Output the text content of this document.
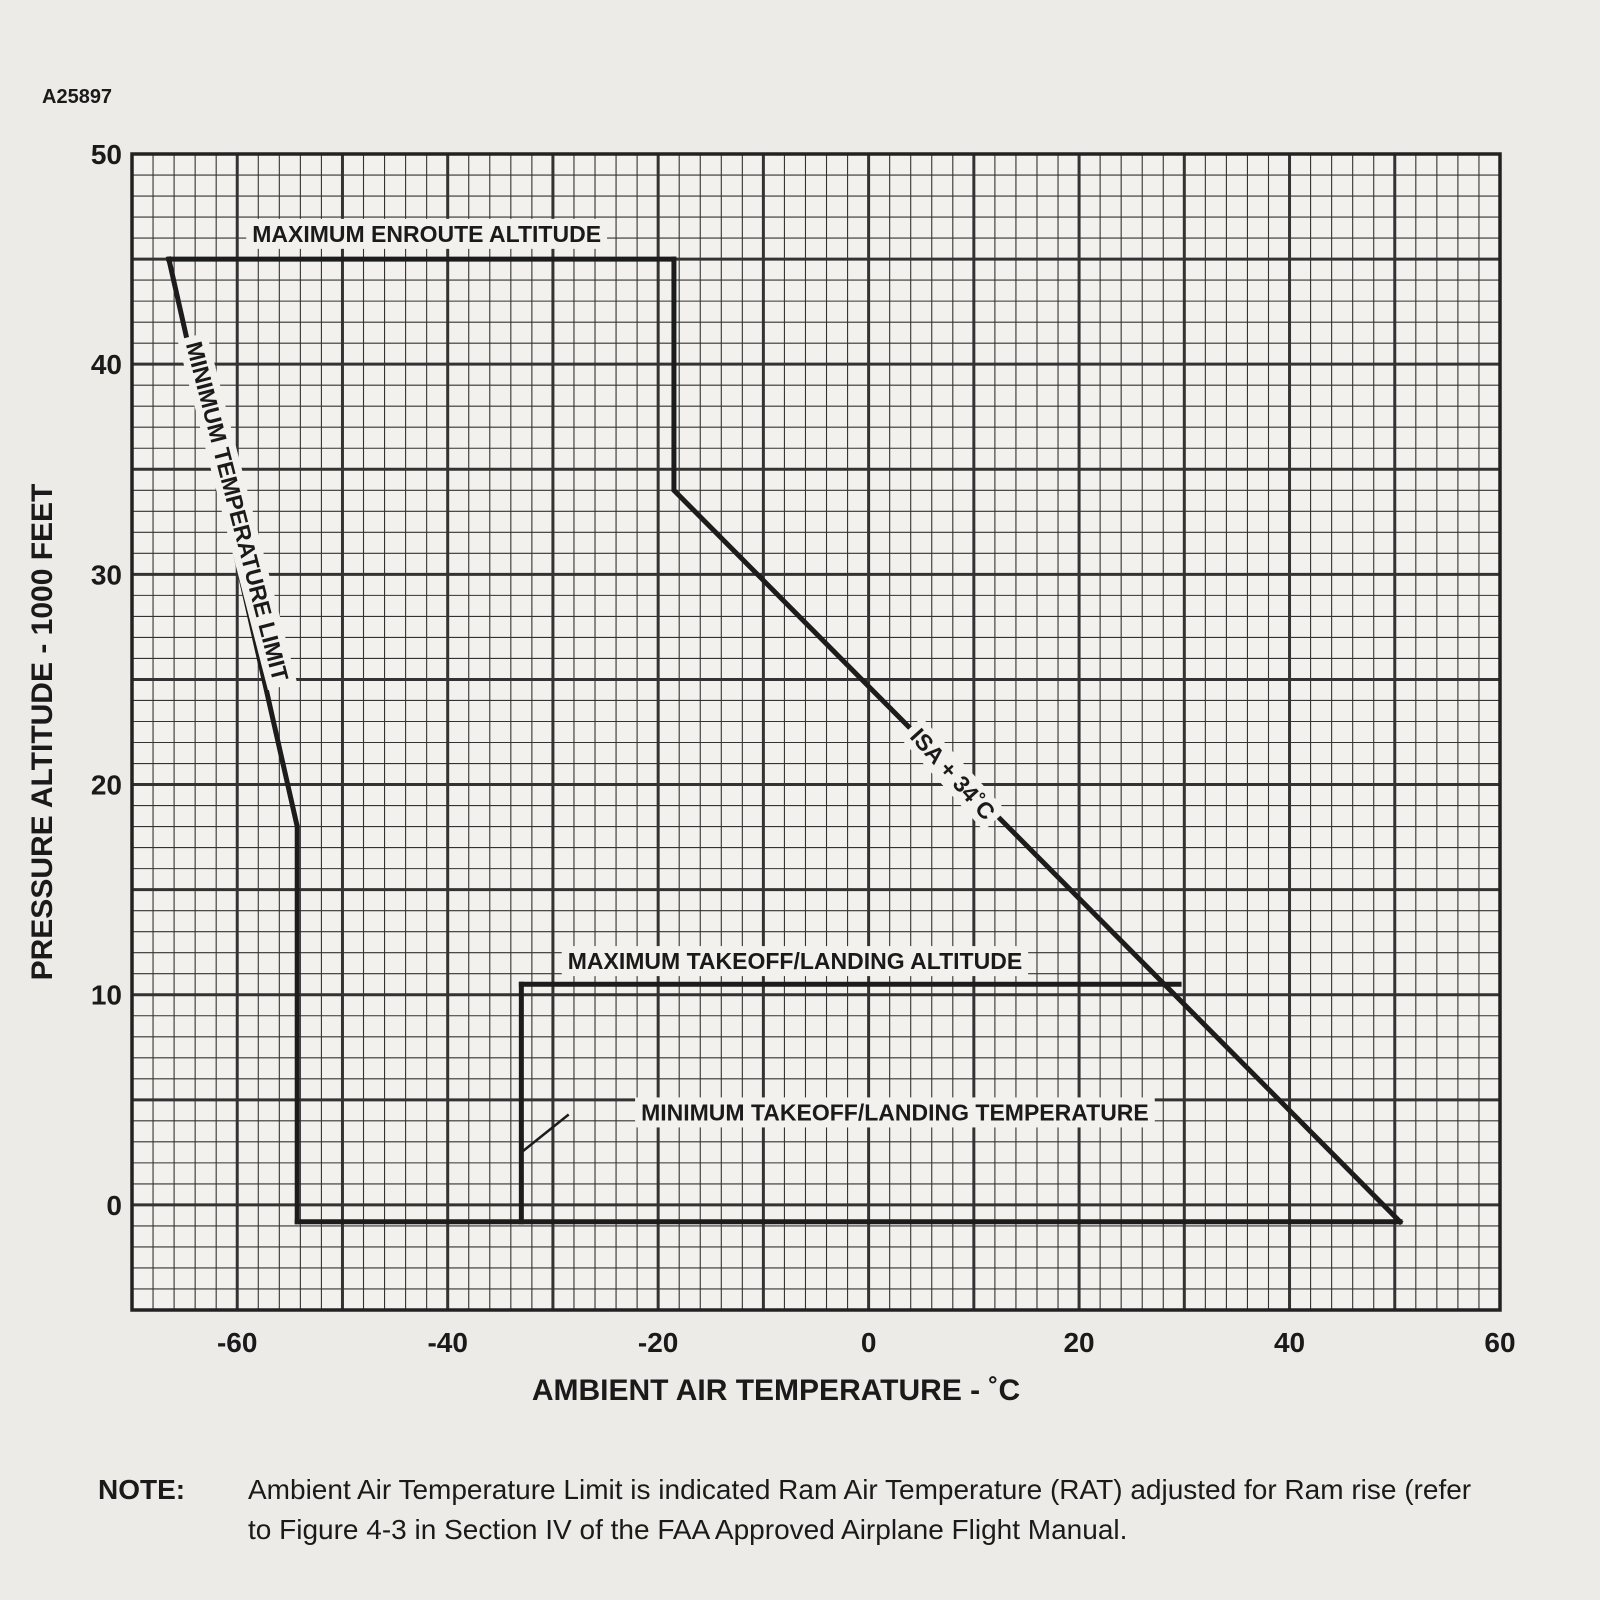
A25897
-60	-40	-20	0	20	40	60
0
10
20
30
40
50
AMBIENT AIR TEMPERATURE - ˚C
PRESSURE ALTITUDE - 1000 FEET
MAXIMUM ENROUTE ALTITUDE
MINIMUM TEMPERATURE LIMIT
ISA + 34˚C
MAXIMUM TAKEOFF/LANDING ALTITUDE
MINIMUM TAKEOFF/LANDING TEMPERATURE
NOTE: Ambient Air Temperature Limit is indicated Ram Air Temperature (RAT) adjusted for Ram rise (refer to Figure 4-3 in Section IV of the FAA Approved Airplane Flight Manual.
